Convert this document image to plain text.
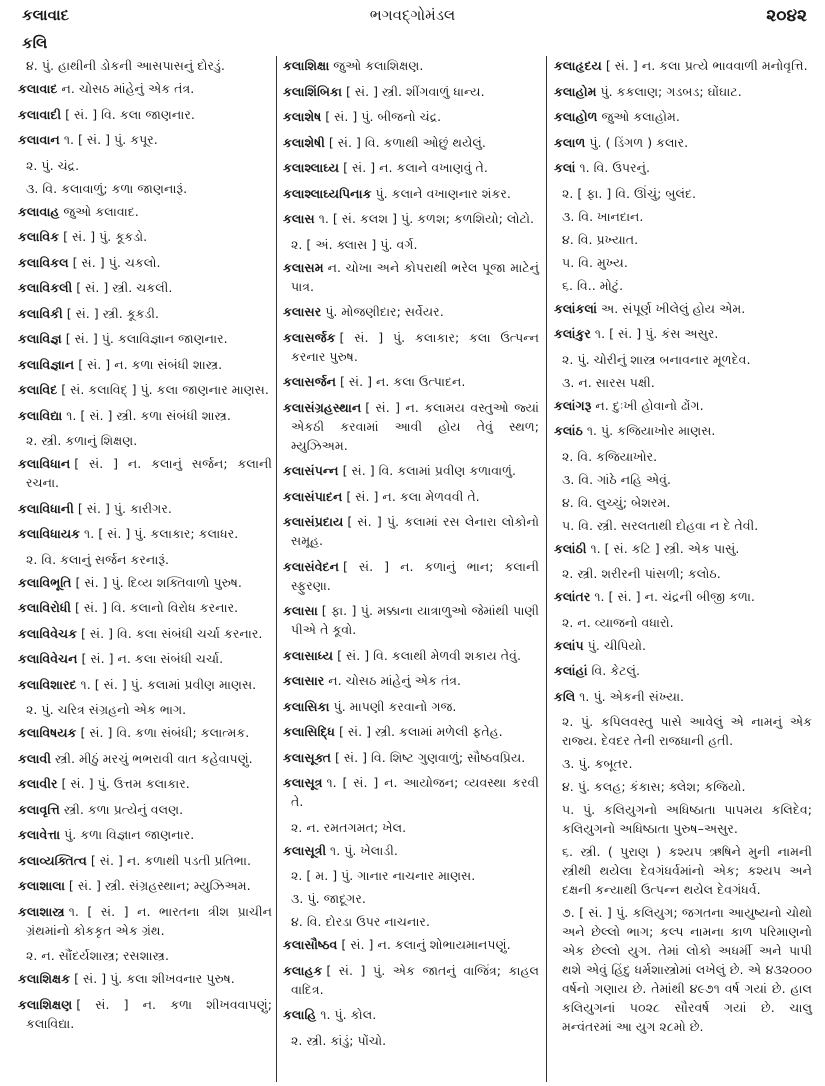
ભગવદ્ગોમંડલ
કલાવાદ	૨૦૪૨
કલિ
૪. પું. હાથીની ડોકની આસપાસનું દોરડું.
કલાવાદ ન. ચોસઠ માંહેનું એક તંત્ર.
કલાવાદી [ સં. ] વિ. કલા જાણનાર.
કલાવાન ૧. [ સં. ] પું. કપૂર.
૨. પું. ચંદ્ર.
૩. વિ. કલાવાળું; કળા જાણનારૂં.
કલાવાહ જુઓ કલાવાદ.
કલાવિક [ સં. ] પું. કૂકડો.
કલાવિકલ [ સં. ] પું. ચકલો.
કલાવિકલી [ સં. ] સ્ત્રી. ચકલી.
કલાવિકી [ સં. ] સ્ત્રી. કૂકડી.
કલાવિજ્ઞ [ સં. ] પું. કલાવિજ્ઞાન જાણનાર.
કલાવિજ્ઞાન [ સં. ] ન. કળા સંબંધી શાસ્ત્ર.
કલાવિદ [ સં. કલાવિદ્ ] પું. કલા જાણનાર માણસ.
કલાવિદ્યા ૧. [ સં. ] સ્ત્રી. કળા સંબંધી શાસ્ત્ર.
૨. સ્ત્રી. કળાનું શિક્ષણ.
કલાવિધાન [ સં. ] ન. કલાનું સર્જન; કલાની રચના.
કલાવિધાની [ સં. ] પું. કારીગર.
કલાવિધાયક ૧. [ સં. ] પું. કલાકાર; કલાધર.
૨. વિ. કલાનું સર્જન કરનારૂં.
કલાવિભૂતિ [ સં. ] પું. દિવ્ય શક્તિવાળો પુરુષ.
કલાવિરોધી [ સં. ] વિ. કલાનો વિરોધ કરનાર.
કલાવિવેચક [ સં. ] વિ. કલા સંબંધી ચર્ચા કરનાર.
કલાવિવેચન [ સં. ] ન. કલા સંબંધી ચર્ચા.
કલાવિશારદ ૧. [ સં. ] પું. કલામાં પ્રવીણ માણસ.
૨. પું. ચરિત્ર સંગ્રહનો એક ભાગ.
કલાવિષયક [ સં. ] વિ. કળા સંબંધી; કલાત્મક.
કલાવી સ્ત્રી. મીઠું મરચું ભભરાવી વાત કહેવાપણું.
કલાવીર [ સં. ] પું. ઉત્તમ કલાકાર.
કલાવૃત્તિ સ્ત્રી. કળા પ્રત્યેનું વલણ.
કલાવેત્તા પું. કળા વિજ્ઞાન જાણનાર.
કલાવ્યક્તિત્વ [ સં. ] ન. કળાથી પડતી પ્રતિભા.
કલાશાલા [ સં. ] સ્ત્રી. સંગ્રહસ્થાન; મ્યુઝિઅમ.
કલાશાસ્ત્ર ૧. [ સં. ] ન. ભારતના ત્રીશ પ્રાચીન ગ્રંથમાંનો કોકકૃત એક ગ્રંથ.
૨. ન. સૌંદર્યશાસ્ત્ર; રસશાસ્ત્ર.
કલાશિક્ષક [ સં. ] પું. કલા શીખવનાર પુરુષ.
કલાશિક્ષણ [ સં. ] ન. કળા શીખવવાપણું; કલાવિદ્યા.
કલાશિક્ષા જુઓ કલાશિક્ષણ.
કલાશિંબિકા [ સં. ] સ્ત્રી. શીંગવાળું ધાન્ય.
કલાશેષ [ સં. ] પું. બીજનો ચંદ્ર.
કલાશેષી [ સં. ] વિ. કળાથી ઓછું થયેલું.
કલાશ્લાઘ્ય [ સં. ] ન. કલાને વખાણવું તે.
કલાશ્લાઘ્યપિનાક પું. કલાને વખાણનાર શંકર.
કલાસ ૧. [ સં. કલશ ] પું. કળશ; કળશિયો; લોટો.
૨. [ અં. ક્લાસ ] પું. વર્ગ.
કલાસમ ન. ચોખા અને કોપરાથી ભરેલ પૂજા માટેનું પાત્ર.
કલાસર પું. મોજણીદાર; સર્વેયર.
કલાસર્જક [ સં. ] પું. કલાકાર; કલા ઉત્પન્ન કરનાર પુરુષ.
કલાસર્જન [ સં. ] ન. કલા ઉત્પાદન.
કલાસંગ્રહસ્થાન [ સં. ] ન. કલામય વસ્તુઓ જ્યાં એકઠી કરવામાં આવી હોય તેવું સ્થળ; મ્યુઝિઅમ.
કલાસંપન્ન [ સં. ] વિ. કલામાં પ્રવીણ કળાવાળું.
કલાસંપાદન [ સં. ] ન. કલા મેળવવી તે.
કલાસંપ્રદાય [ સં. ] પું. કલામાં રસ લેનારા લોકોનો સમૂહ.
કલાસંવેદન [ સં. ] ન. કળાનું ભાન; કલાની સ્ફુરણા.
કલાસા [ ફા. ] પું. મક્કાના યાત્રાળુઓ જેમાંથી પાણી પીએ તે કૂવો.
કલાસાધ્ય [ સં. ] વિ. કલાથી મેળવી શકાય તેવું.
કલાસાર ન. ચોસઠ માંહેનું એક તંત્ર.
કલાસિકા પું. માપણી કરવાનો ગજ.
કલાસિદ્ધિ [ સં. ] સ્ત્રી. કલામાં મળેલી ફતેહ.
કલાસૂક્ત [ સં. ] વિ. શિષ્ટ ગુણવાળું; સૌષ્ઠવપ્રિય.
કલાસૂત્ર ૧. [ સં. ] ન. આયોજન; વ્યવસ્થા કરવી તે.
૨. ન. રમતગમત; ખેલ.
કલાસૂત્રી ૧. પું. ખેલાડી.
૨. [ મ. ] પું. ગાનાર નાચનાર માણસ.
૩. પું. જાદૂગર.
૪. વિ. દોરડા ઉપર નાચનાર.
કલાસૌષ્ઠવ [ સં. ] ન. કલાનું શોભાયમાનપણું.
કલાહક [ સં. ] પું. એક જાતનું વાજિંત્ર; કાહલ વાદિત્ર.
કલાહિ ૧. પું. કોલ.
૨. સ્ત્રી. કાંડું; પોંચો.
કલાહૃદય [ સં. ] ન. કલા પ્રત્યે ભાવવાળી મનોવૃત્તિ.
કલાહોમ પું. કકલાણ; ગડબડ; ઘોંઘાટ.
કલાહોળ જુઓ કલાહોમ.
કલાળ પું. ( ડિંગળ ) કલાર.
કલાં ૧. વિ. ઉપરનું.
૨. [ ફા. ] વિ. ઊંચું; બુલંદ.
૩. વિ. ખાનદાન.
૪. વિ. પ્રખ્યાત.
૫. વિ. મુખ્ય.
૬. વિ.. મોટું.
કલાંકલાં અ. સંપૂર્ણ ખીલેલું હોય એમ.
કલાંકુર ૧. [ સં. ] પું. કંસ અસુર.
૨. પું. ચોરીનું શાસ્ત્ર બનાવનાર મૂળદેવ.
૩. ન. સારસ પક્ષી.
કલાંગરૂ ન. દુઃખી હોવાનો ઢોંગ.
કલાંઠ ૧. પું. કજિયાખોર માણસ.
૨. વિ. કજિયાખોર.
૩. વિ. ગાંઠે નહિ એવું.
૪. વિ. લુચ્ચું; બેશરમ.
૫. વિ. સ્ત્રી. સરલતાથી દોહવા ન દે તેવી.
કલાંઠી ૧. [ સં. કટિ ] સ્ત્રી. એક પાસું.
૨. સ્ત્રી. શરીરની પાંસળી; કલોઠ.
કલાંતર ૧. [ સં. ] ન. ચંદ્રની બીજી કળા.
૨. ન. વ્યાજનો વધારો.
કલાંપ પું. ચીપિયો.
કલાંહાં વિ. કેટલું.
કલિ ૧. પું. એકની સંખ્યા.
૨. પું. કપિલવસ્તુ પાસે આવેલું એ નામનું એક રાજ્ય. દેવદર તેની રાજધાની હતી.
૩. પું. કબૂતર.
૪. પું. કલહ; કંકાસ; ક્લેશ; કજિયો.
૫. પું. કલિયુગનો અધિષ્ઠાતા પાપમય કલિદેવ; કલિયુગનો અધિષ્ઠાતા પુરુષ–અસુર.
૬. સ્ત્રી. ( પુરાણ ) કશ્યપ ઋષિને મુની નામની સ્ત્રીથી થયેલા દેવગંધર્વમાંનો એક; કશ્યપ અને દક્ષની કન્યાથી ઉત્પન્ન થયેલ દેવગંધર્વ.
૭. [ સં. ] પું. કલિયુગ; જગતના આયુષ્યનો ચોથો અને છેલ્લો ભાગ; કલ્પ નામના કાળ પરિમાણનો એક છેલ્લો યુગ. તેમાં લોકો અધર્મી અને પાપી થશે એવું હિંદુ ધર્મશાસ્ત્રોમાં લખેલું છે. એ ૪૩૨૦૦૦ વર્ષનો ગણાય છે. તેમાંથી ૪૯૭૧ વર્ષ ગયાં છે. હાલ કલિયુગનાં ૫૦૨૮ સૌરવર્ષ ગયાં છે. ચાલુ મન્વંતરમાં આ યુગ ૨૮મો છે.
